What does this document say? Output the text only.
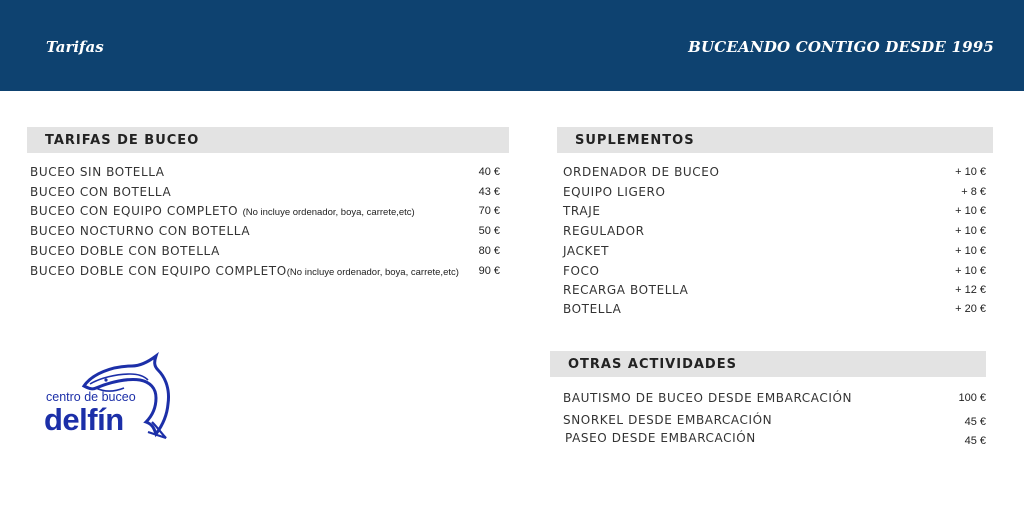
Tarifas	BUCEANDO CONTIGO DESDE 1995
TARIFAS DE BUCEO
BUCEO SIN BOTELLA	40 €
BUCEO CON BOTELLA	43 €
BUCEO CON EQUIPO COMPLETO (No incluye ordenador, boya, carrete,etc)	70 €
BUCEO NOCTURNO CON BOTELLA	50 €
BUCEO DOBLE CON BOTELLA	80 €
BUCEO DOBLE CON EQUIPO COMPLETO(No incluye ordenador, boya, carrete,etc) 90 €
SUPLEMENTOS
ORDENADOR DE BUCEO	+ 10 €
EQUIPO LIGERO	+ 8 €
TRAJE	+ 10 €
REGULADOR	+ 10 €
JACKET	+ 10 €
FOCO	+ 10 €
RECARGA BOTELLA	+ 12 €
BOTELLA	+ 20 €
OTRAS ACTIVIDADES
BAUTISMO DE BUCEO DESDE EMBARCACIÓN	100 €
SNORKEL DESDE EMBARCACIÓN	45 €
PASEO DESDE EMBARCACIÓN	45 €
centro de buceo
delfín
